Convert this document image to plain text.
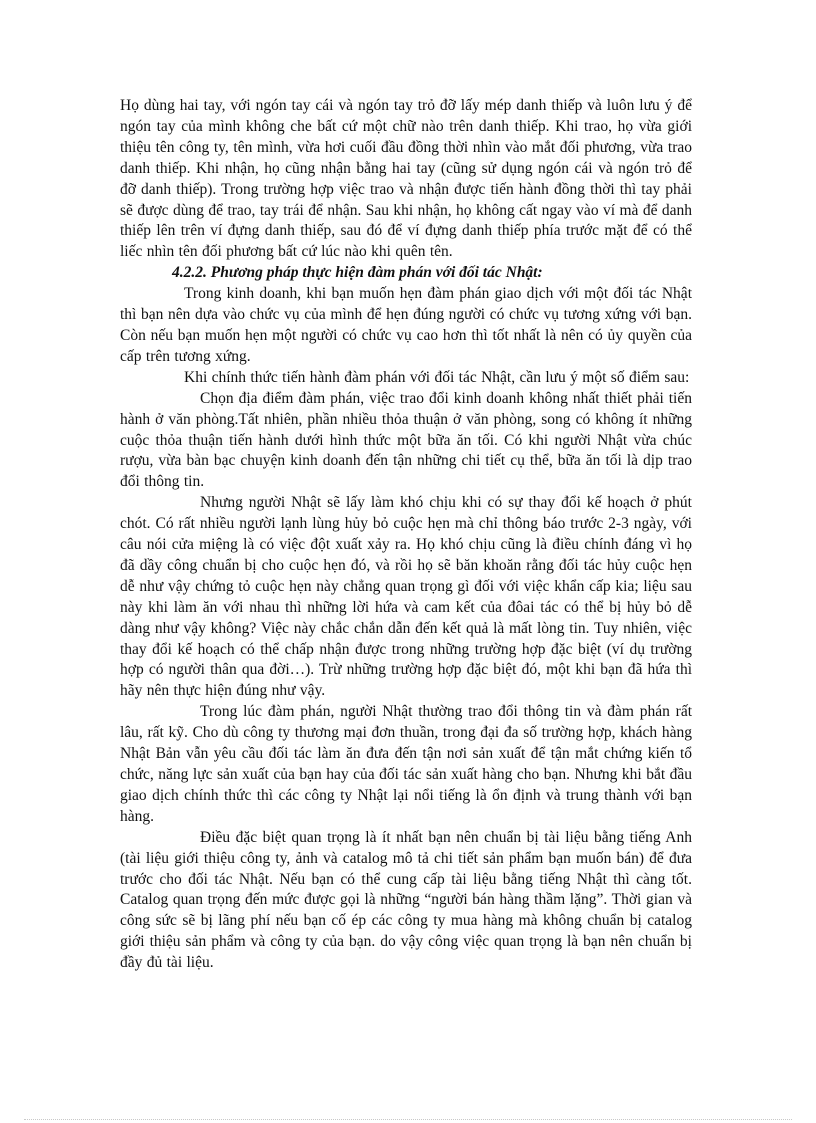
Họ dùng hai tay, với ngón tay cái và ngón tay trỏ đỡ lấy mép danh thiếp và luôn lưu ý để ngón tay của mình không che bất cứ một chữ nào trên danh thiếp. Khi trao, họ vừa giới thiệu tên công ty, tên mình, vừa hơi cuối đầu đồng thời nhìn vào mắt đối phương, vừa trao danh thiếp. Khi nhận, họ cũng nhận bằng hai tay (cũng sử dụng ngón cái và ngón trỏ để đỡ danh thiếp). Trong trường hợp việc trao và nhận được tiến hành đồng thời thì tay phải sẽ được dùng để trao, tay trái để nhận. Sau khi nhận, họ không cất ngay vào ví mà để danh thiếp lên trên ví đựng danh thiếp, sau đó để ví đựng danh thiếp phía trước mặt để có thể liếc nhìn tên đối phương bất cứ lúc nào khi quên tên.

4.2.2. Phương pháp thực hiện đàm phán với đối tác Nhật:

Trong kinh doanh, khi bạn muốn hẹn đàm phán giao dịch với một đối tác Nhật thì bạn nên dựa vào chức vụ của mình để hẹn đúng người có chức vụ tương xứng với bạn. Còn nếu bạn muốn hẹn một người có chức vụ cao hơn thì tốt nhất là nên có ủy quyền của cấp trên tương xứng.

Khi chính thức tiến hành đàm phán với đối tác Nhật, cần lưu ý một số điểm sau:

Chọn địa điểm đàm phán, việc trao đổi kinh doanh không nhất thiết phải tiến hành ở văn phòng.Tất nhiên, phần nhiều thỏa thuận ở văn phòng, song có không ít những cuộc thỏa thuận tiến hành dưới hình thức một bữa ăn tối. Có khi người Nhật vừa chúc rượu, vừa bàn bạc chuyện kinh doanh đến tận những chi tiết cụ thể, bữa ăn tối là dịp trao đổi thông tin.

Nhưng người Nhật sẽ lấy làm khó chịu khi có sự thay đổi kế hoạch ở phút chót. Có rất nhiều người lạnh lùng hủy bỏ cuộc hẹn mà chỉ thông báo trước 2-3 ngày, với câu nói cửa miệng là có việc đột xuất xảy ra. Họ khó chịu cũng là điều chính đáng vì họ đã dầy công chuẩn bị cho cuộc hẹn đó, và rồi họ sẽ băn khoăn rằng đối tác hủy cuộc hẹn dễ như vậy chứng tỏ cuộc hẹn này chẳng quan trọng gì đối với việc khẩn cấp kia; liệu sau này khi làm ăn với nhau thì những lời hứa và cam kết của đôai tác có thể bị hủy bỏ dễ dàng như vậy không? Việc này chắc chắn dẫn đến kết quả là mất lòng tin. Tuy nhiên, việc thay đổi kế hoạch có thể chấp nhận được trong những trường hợp đặc biệt (ví dụ trường hợp có người thân qua đời…). Trừ những trường hợp đặc biệt đó, một khi bạn đã hứa thì hãy nên thực hiện đúng như vậy.

Trong lúc đàm phán, người Nhật thường trao đổi thông tin và đàm phán rất lâu, rất kỹ. Cho dù công ty thương mại đơn thuần, trong đại đa số trường hợp, khách hàng Nhật Bản vẫn yêu cầu đối tác làm ăn đưa đến tận nơi sản xuất để tận mắt chứng kiến tổ chức, năng lực sản xuất của bạn hay của đối tác sản xuất hàng cho bạn. Nhưng khi bắt đầu giao dịch chính thức thì các công ty Nhật lại nổi tiếng là ổn định và trung thành với bạn hàng.

Điều đặc biệt quan trọng là ít nhất bạn nên chuẩn bị tài liệu bằng tiếng Anh (tài liệu giới thiệu công ty, ảnh và catalog mô tả chi tiết sản phẩm bạn muốn bán) để đưa trước cho đối tác Nhật. Nếu bạn có thể cung cấp tài liệu bằng tiếng Nhật thì càng tốt. Catalog quan trọng đến mức được gọi là những “người bán hàng thầm lặng”. Thời gian và công sức sẽ bị lãng phí nếu bạn cố ép các công ty mua hàng mà không chuẩn bị catalog giới thiệu sản phẩm và công ty của bạn. do vậy công việc quan trọng là bạn nên chuẩn bị đầy đủ tài liệu.
